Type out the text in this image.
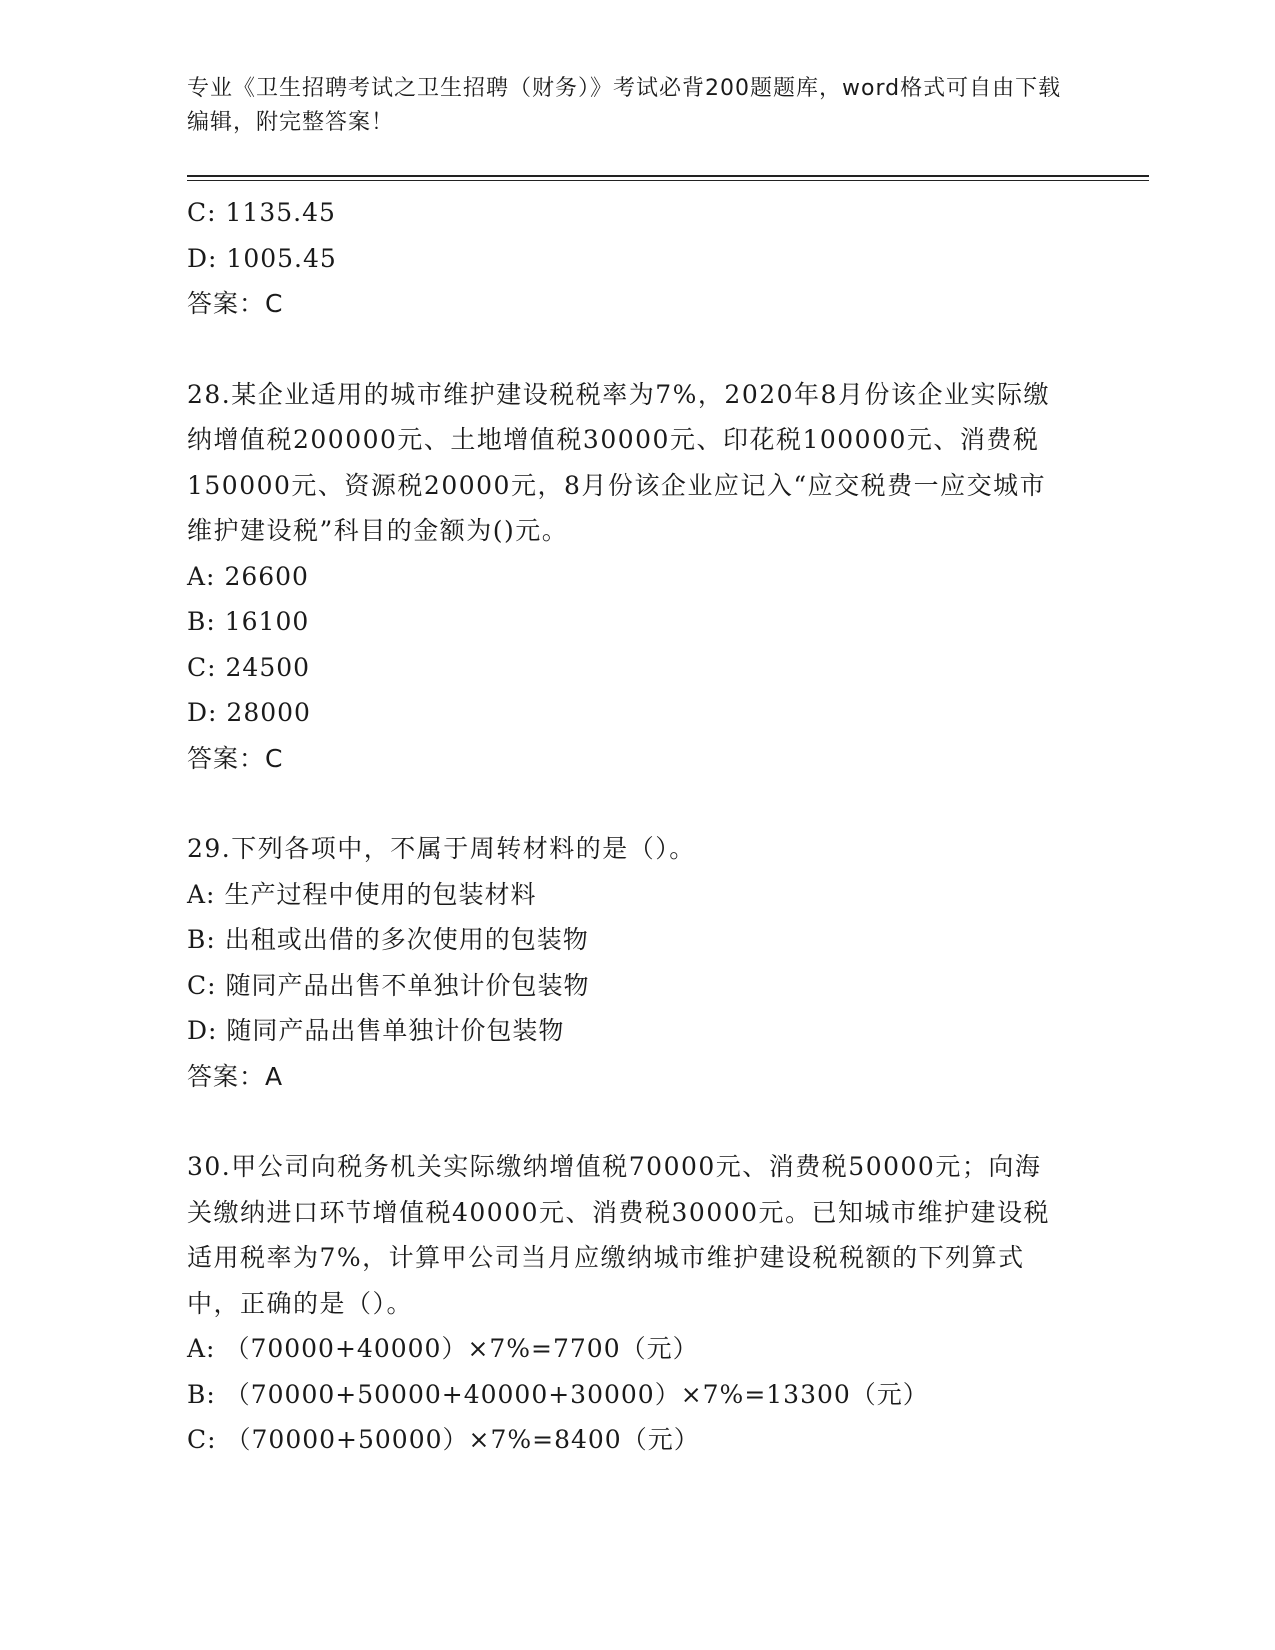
专业《卫生招聘考试之卫生招聘（财务）》考试必背200题题库，word格式可自由下载编辑，附完整答案！
C: 1135.45
D: 1005.45
答案：C
28.某企业适用的城市维护建设税税率为7%，2020年8月份该企业实际缴纳增值税200000元、土地增值税30000元、印花税100000元、消费税150000元、资源税20000元，8月份该企业应记入“应交税费一应交城市维护建设税”科目的金额为()元。
A: 26600
B: 16100
C: 24500
D: 28000
答案：C
29.下列各项中，不属于周转材料的是（）。
A: 生产过程中使用的包装材料
B: 出租或出借的多次使用的包装物
C: 随同产品出售不单独计价包装物
D: 随同产品出售单独计价包装物
答案：A
30.甲公司向税务机关实际缴纳增值税70000元、消费税50000元；向海关缴纳进口环节增值税40000元、消费税30000元。已知城市维护建设税适用税率为7%，计算甲公司当月应缴纳城市维护建设税税额的下列算式中，正确的是（）。
A: （70000+40000）×7%=7700（元）
B: （70000+50000+40000+30000）×7%=13300（元）
C: （70000+50000）×7%=8400（元）
